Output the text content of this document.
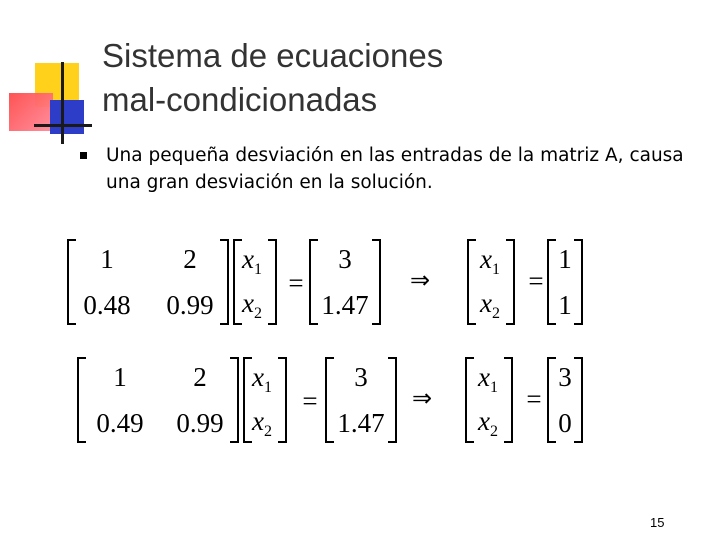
Sistema de ecuaciones
mal-condicionadas
Una pequeña desviación en las entradas de la matriz A, causa una gran desviación en la solución.
1	2
0.48 0.99
$x_1$
$x_2$
=
3
1.47
⇒
$x_1$
$x_2$
=
1
1
15
1 2
0.49 0.99
$x_1$
$x_2$
=
3
1.47
⇒
$x_1$
$x_2$
=
3
0
